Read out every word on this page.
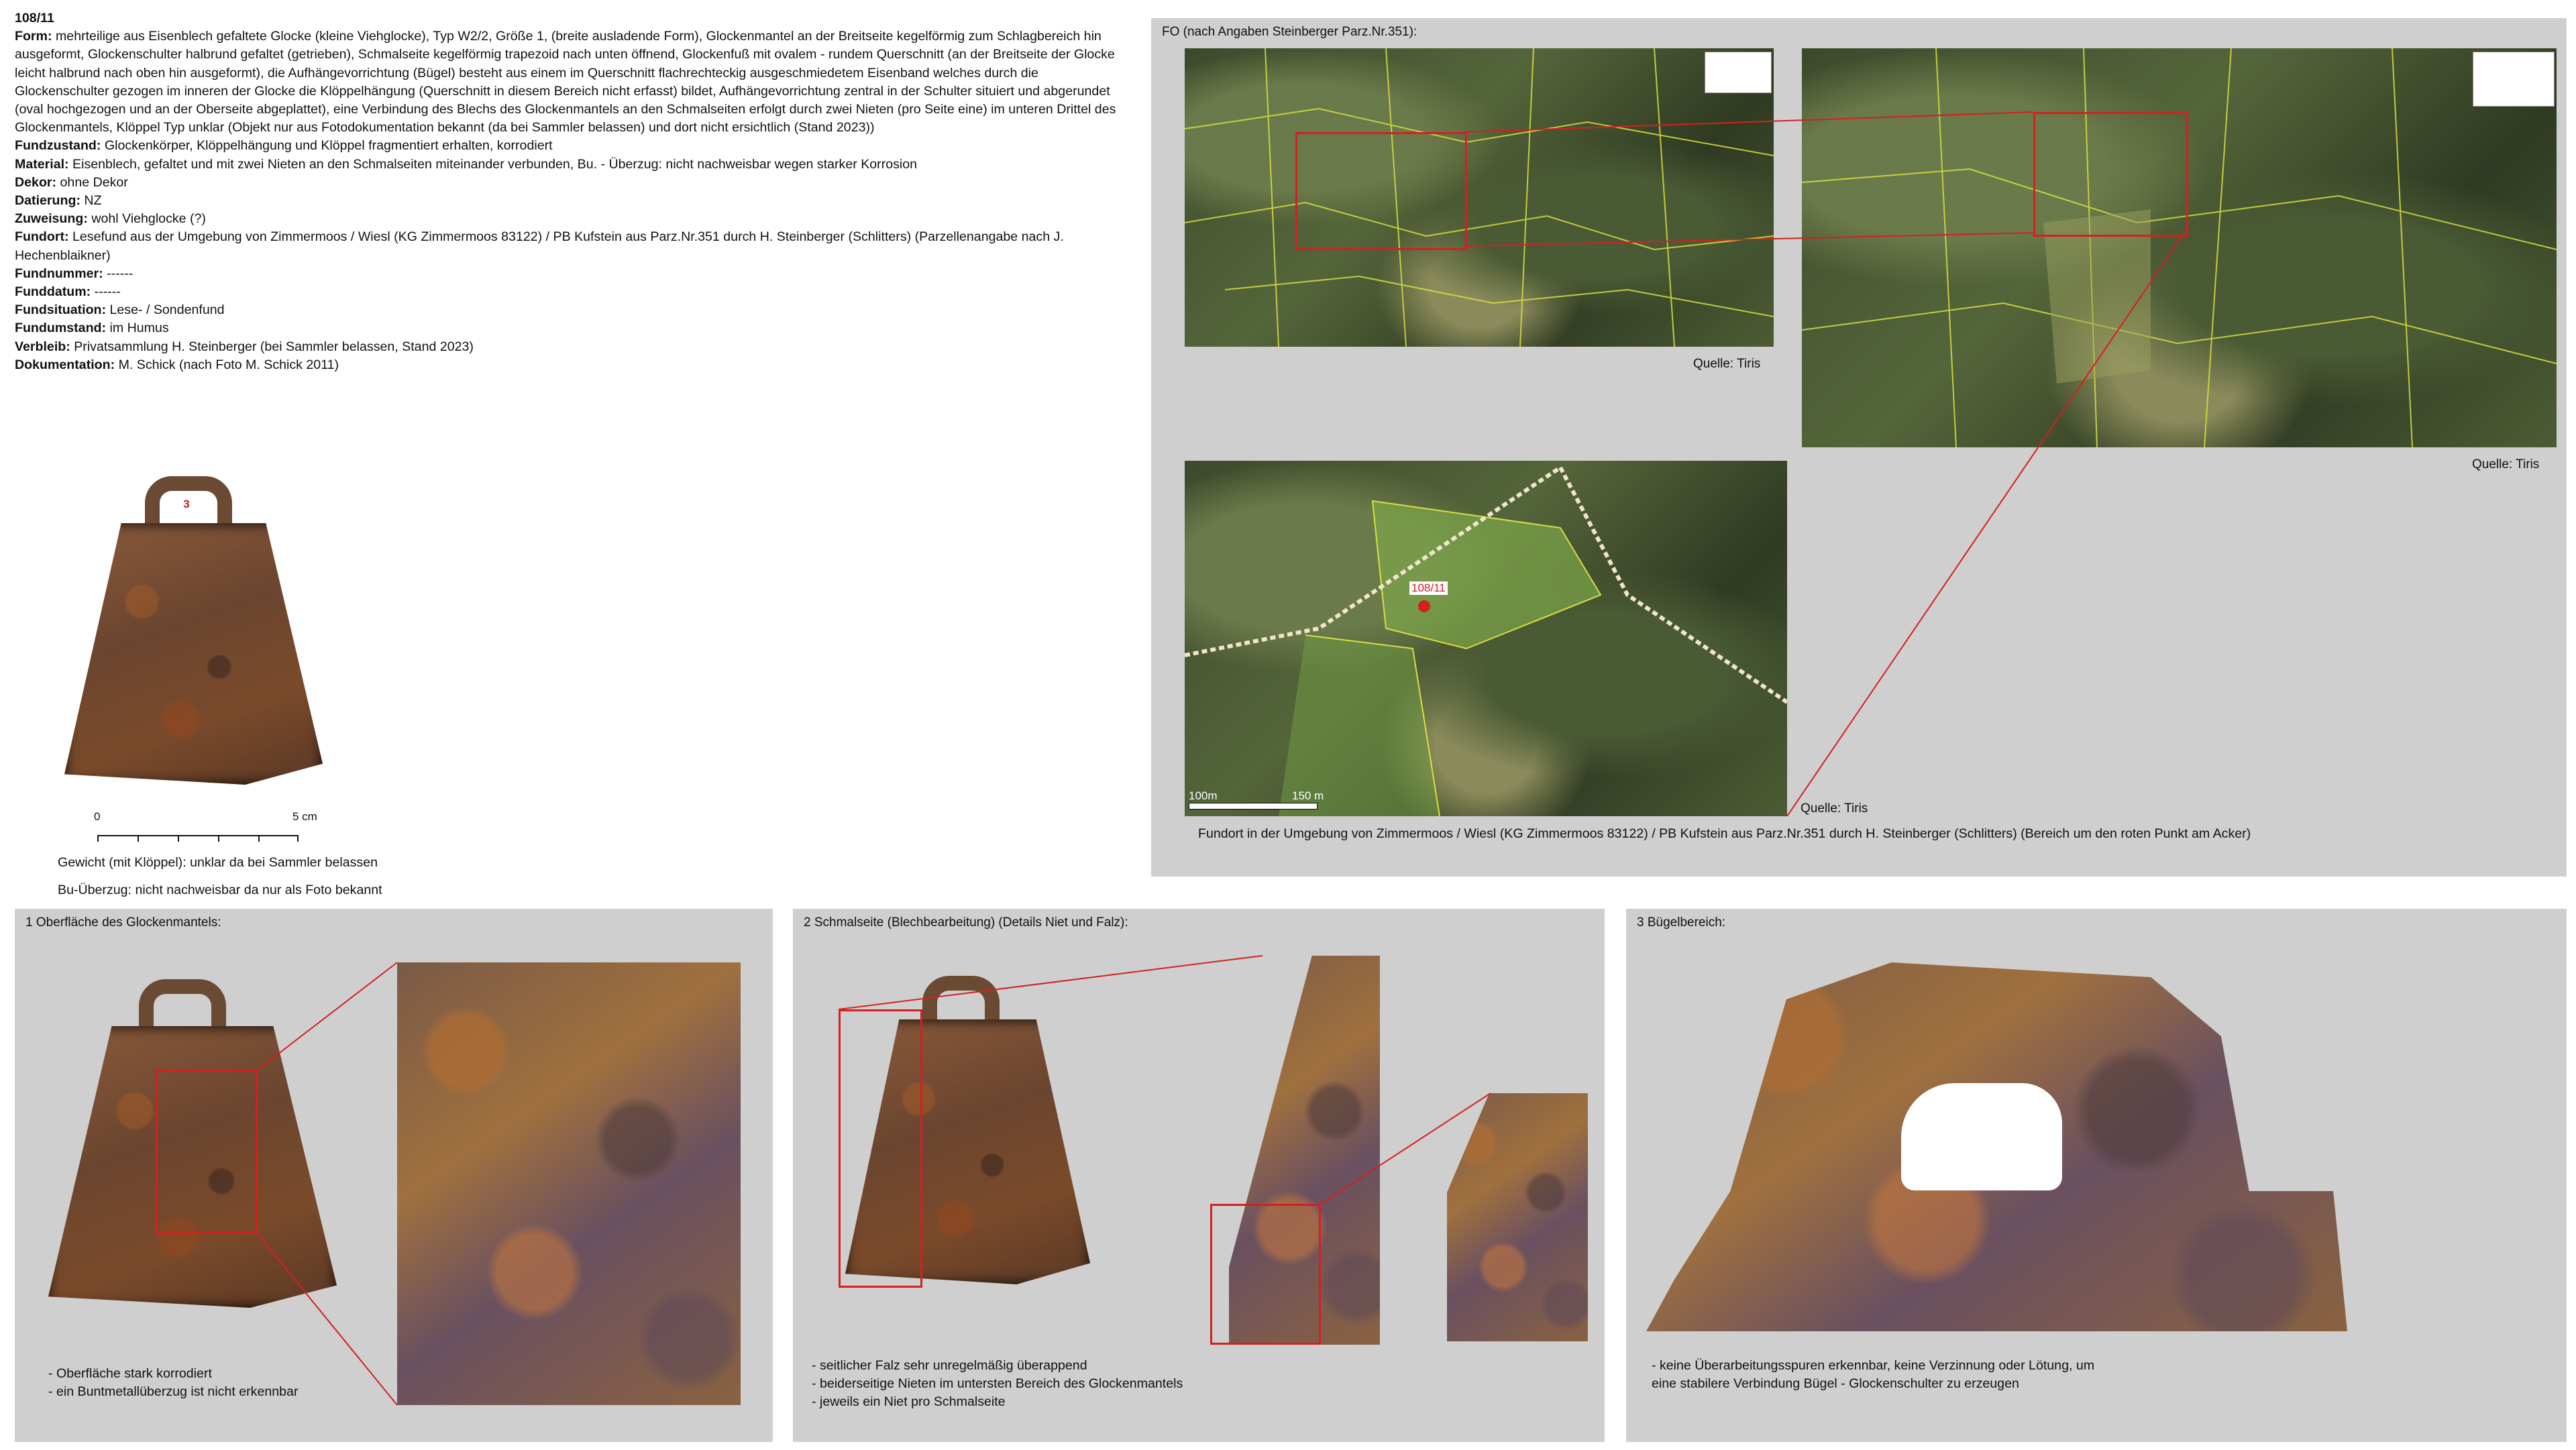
108/11
Form: mehrteilige aus Eisenblech gefaltete Glocke (kleine Viehglocke), Typ W2/2, Größe 1, (breite ausladende Form), Glockenmantel an der Breitseite kegelförmig zum Schlagbereich hin ausgeformt, Glockenschulter halbrund gefaltet (getrieben), Schmalseite kegelförmig trapezoid nach unten öffnend, Glockenfuß mit ovalem - rundem Querschnitt (an der Breitseite der Glocke leicht halbrund nach oben hin ausgeformt), die Aufhängevorrichtung (Bügel) besteht aus einem im Querschnitt flachrechteckig ausgeschmiedetem Eisenband welches durch die Glockenschulter gezogen im inneren der Glocke die Klöppelhängung (Querschnitt in diesem Bereich nicht erfasst) bildet, Aufhängevorrichtung zentral in der Schulter situiert und abgerundet (oval hochgezogen und an der Oberseite abgeplattet), eine Verbindung des Blechs des Glockenmantels an den Schmalseiten erfolgt durch zwei Nieten (pro Seite eine) im unteren Drittel des Glockenmantels, Klöppel Typ unklar (Objekt nur aus Fotodokumentation bekannt (da bei Sammler belassen) und dort nicht ersichtlich (Stand 2023))
Fundzustand: Glockenkörper, Klöppelhängung und Klöppel fragmentiert erhalten, korrodiert
Material: Eisenblech, gefaltet und mit zwei Nieten an den Schmalseiten miteinander verbunden, Bu. - Überzug: nicht nachweisbar wegen starker Korrosion
Dekor: ohne Dekor
Datierung: NZ
Zuweisung: wohl Viehglocke (?)
Fundort: Lesefund aus der Umgebung von Zimmermoos / Wiesl (KG Zimmermoos 83122) / PB Kufstein aus Parz.Nr.351 durch H. Steinberger (Schlitters) (Parzellenangabe nach J. Hechenblaikner)
Fundnummer: ------
Funddatum: ------
Fundsituation: Lese- / Sondenfund
Fundumstand: im Humus
Verbleib: Privatsammlung H. Steinberger (bei Sammler belassen, Stand 2023)
Dokumentation: M. Schick (nach Foto M. Schick 2011)
3
0	5 cm
Gewicht (mit Klöppel): unklar da bei Sammler belassen
Bu-Überzug: nicht nachweisbar da nur als Foto bekannt
FO (nach Angaben Steinberger Parz.Nr.351):
Quelle: Tiris
Quelle: Tiris
108/11
100m	150 m
Quelle: Tiris
Fundort in der Umgebung von Zimmermoos / Wiesl (KG Zimmermoos 83122) / PB Kufstein aus Parz.Nr.351 durch H. Steinberger (Schlitters) (Bereich um den roten Punkt am Acker)
1 Oberfläche des Glockenmantels:
- Oberfläche stark korrodiert
- ein Buntmetallüberzug ist nicht erkennbar
2 Schmalseite (Blechbearbeitung) (Details Niet und Falz):
- seitlicher Falz sehr unregelmäßig überappend
- beiderseitige Nieten im untersten Bereich des Glockenmantels
- jeweils ein Niet pro Schmalseite
3 Bügelbereich:
- keine Überarbeitungsspuren erkennbar, keine Verzinnung oder Lötung, um
eine stabilere Verbindung Bügel - Glockenschulter zu erzeugen
